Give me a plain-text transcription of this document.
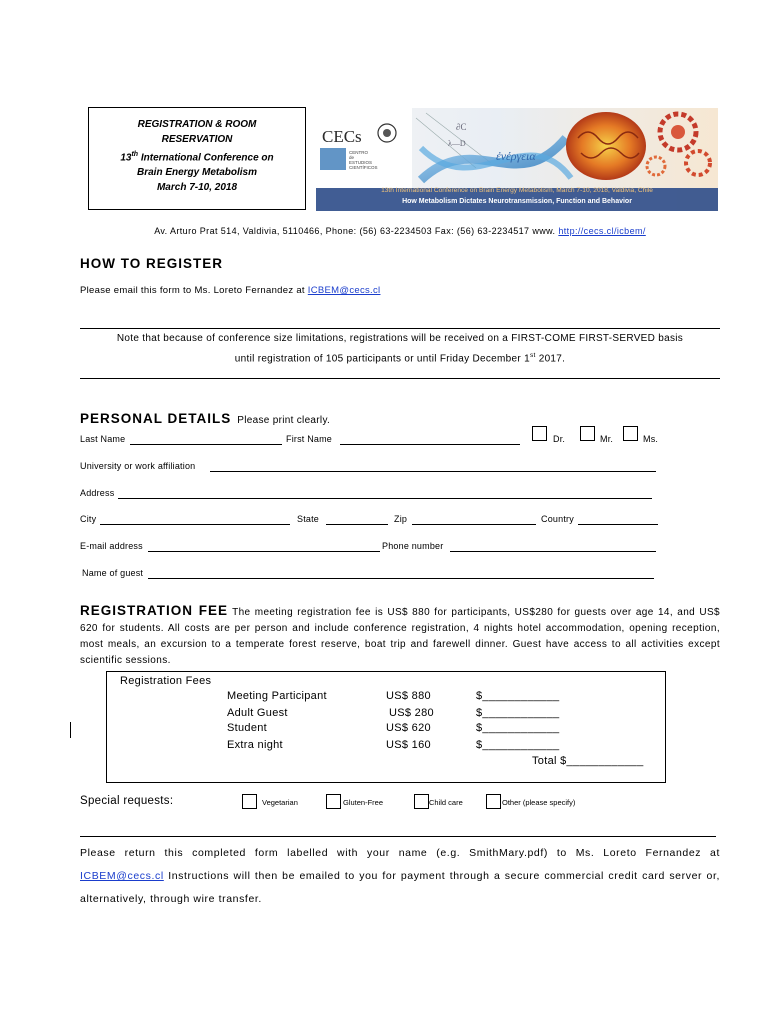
REGISTRATION & ROOM
RESERVATION
13th International Conference on
Brain Energy Metabolism
March 7-10, 2018
CECs
CENTRO
de
ESTUDIOS
CIENTÍFICOS
∂C
λ—D
ἐνέργεια
13th International Conference on Brain Energy Metabolism, March 7-10, 2018, Valdivia, Chile
How Metabolism Dictates Neurotransmission, Function and Behavior
Av. Arturo Prat 514, Valdivia, 5110466, Phone: (56) 63-2234503 Fax: (56) 63-2234517 www. http://cecs.cl/icbem/
HOW TO REGISTER
Please email this form to Ms. Loreto Fernandez at ICBEM@cecs.cl
Note that because of conference size limitations, registrations will be received on a FIRST-COME FIRST-SERVED basis
until registration of 105 participants or until Friday December 1st 2017.
PERSONAL DETAILS Please print clearly.
Last Name	First Name	Dr.	Mr.	Ms.
University or work affiliation
Address
City	State	Zip	Country
E-mail address	Phone number
Name of guest
REGISTRATION FEE The meeting registration fee is US$ 880 for participants, US$280 for guests over age 14, and US$ 620 for students. All costs are per person and include conference registration, 4 nights hotel accommodation, opening reception, most meals, an excursion to a temperate forest reserve, boat trip and farewell dinner. Guest have access to all activities except scientific sessions.
Registration Fees
Meeting Participant	US$ 880	$____________
Adult Guest	US$ 280	$____________
Student	US$ 620	$____________
Extra night	US$ 160	$____________
Total $____________
Special requests:	Vegetarian	Gluten-Free	Child care	Other (please specify)
Please return this completed form labelled with your name (e.g. SmithMary.pdf) to Ms. Loreto Fernandez at ICBEM@cecs.cl Instructions will then be emailed to you for payment through a secure commercial credit card server or, alternatively, through wire transfer.
